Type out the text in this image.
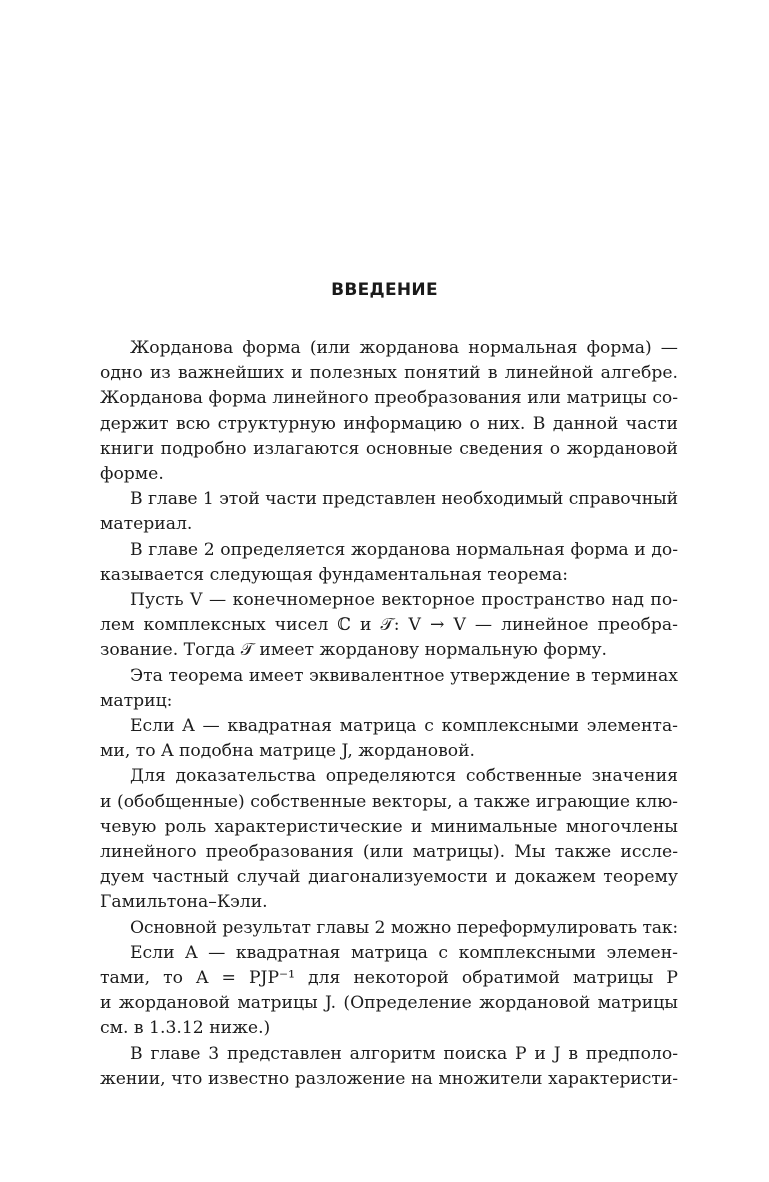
ВВЕДЕНИЕ
Жорданова форма (или жорданова нормальная форма) —
одно из важнейших и полезных понятий в линейной алгебре.
Жорданова форма линейного преобразования или матрицы со-
держит всю структурную информацию о них. В данной части
книги подробно излагаются основные сведения о жордановой
форме.
В главе 1 этой части представлен необходимый справочный
материал.
В главе 2 определяется жорданова нормальная форма и до-
казывается следующая фундаментальная теорема:
Пусть V — конечномерное векторное пространство над по-
лем комплексных чисел ℂ и 𝒯: V → V — линейное преобра-
зование. Тогда 𝒯 имеет жорданову нормальную форму.
Эта теорема имеет эквивалентное утверждение в терминах
матриц:
Если A — квадратная матрица с комплексными элемента-
ми, то A подобна матрице J, жордановой.
Для доказательства определяются собственные значения
и (обобщенные) собственные векторы, а также играющие клю-
чевую роль характеристические и минимальные многочлены
линейного преобразования (или матрицы). Мы также иссле-
дуем частный случай диагонализуемости и докажем теорему
Гамильтона–Кэли.
Основной результат главы 2 можно переформулировать так:
Если A — квадратная матрица с комплексными элемен-
тами, то A = PJP⁻¹ для некоторой обратимой матрицы P
и жордановой матрицы J. (Определение жордановой матрицы
см. в 1.3.12 ниже.)
В главе 3 представлен алгоритм поиска P и J в предполо-
жении, что известно разложение на множители характеристи-
